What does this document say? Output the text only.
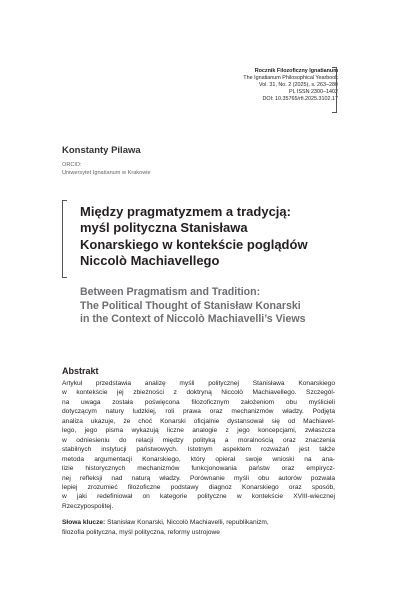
Rocznik Filozoficzny Ignatianum
The Ignatianum Philosophical Yearbook
Vol. 31, No. 2 (2025), s. 263–280
PL ISSN 2300–1402
DOI: 10.35765/rfi.2025.3102.17
Konstanty Pilawa
ORCID:
Uniwersytet Ignatianum w Krakowie
Między pragmatyzmem a tradycją:
myśl polityczna Stanisława
Konarskiego w kontekście poglądów
Niccolò Machiavellego
Between Pragmatism and Tradition:
The Political Thought of Stanisław Konarski
in the Context of Niccolò Machiavelli’s Views
Abstrakt
Artykuł przedstawia analizę myśli politycznej Stanisława Konarskiego
w kontekście jej zbieżności z doktryną Niccolò Machiavellego. Szczegól-
na uwaga została poświęcona filozoficznym założeniom obu myślicieli
dotyczącym natury ludzkiej, roli prawa oraz mechanizmów władzy. Podjęta
analiza ukazuje, że choć Konarski oficjalnie dystansował się od Machiavel-
lego, jego pisma wykazują liczne analogie z jego koncepcjami, zwłaszcza
w odniesieniu do relacji między polityką a moralnością oraz znaczenia
stabilnych instytucji państwowych. Istotnym aspektem rozważań jest także
metoda argumentacji Konarskiego, który opierał swoje wnioski na ana-
lizie historycznych mechanizmów funkcjonowania państw oraz empirycz-
nej refleksji nad naturą władzy. Porównanie myśli obu autorów pozwala
lepiej zrozumieć filozoficzne podstawy diagnoz Konarskiego oraz sposób,
w jaki redefiniował on kategorie polityczne w kontekście XVIII-wiecznej
Rzeczypospolitej.
Słowa klucze: Stanisław Konarski, Niccolò Machiavelli, republikanizm,
filozofia polityczna, myśl polityczna, reformy ustrojowe
